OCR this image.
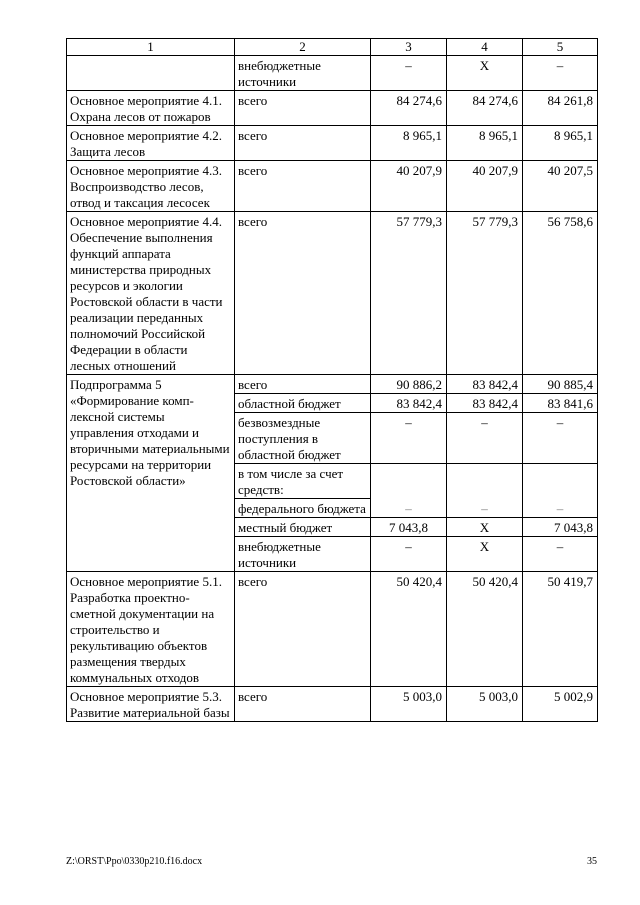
1	2	3	4	5
	внебюджетные источники	–	Х	–
Основное мероприятие 4.1. Охрана лесов от пожаров	всего	84 274,6	84 274,6	84 261,8
Основное мероприятие 4.2. Защита лесов	всего	8 965,1	8 965,1	8 965,1
Основное мероприятие 4.3. Воспроизводство лесов, отвод и таксация лесосек	всего	40 207,9	40 207,9	40 207,5
Основное мероприятие 4.4. Обеспечение выполнения функций аппарата министерства природных ресурсов и экологии Ростовской области в части реализации переданных полномочий Российской Федерации в области лесных отношений	всего	57 779,3	57 779,3	56 758,6
Подпрограмма 5 «Формирование комп-лексной системы управления отходами и вторичными материальными ресурсами на территории Ростовской области»	всего	90 886,2	83 842,4	90 885,4
	областной бюджет	83 842,4	83 842,4	83 841,6
	безвозмездные поступления в областной бюджет	–	–	–
	в том числе за счет средств:			
	федерального бюджета	–	–	–
	местный бюджет	7 043,8	Х	7 043,8
	внебюджетные источники	–	Х	–
Основное мероприятие 5.1. Разработка проектно-сметной документации на строительство и рекультивацию объектов размещения твердых коммунальных отходов	всего	50 420,4	50 420,4	50 419,7
Основное мероприятие 5.3. Развитие материальной базы	всего	5 003,0	5 003,0	5 002,9
Z:\ORST\Ppo\0330p210.f16.docx	35
